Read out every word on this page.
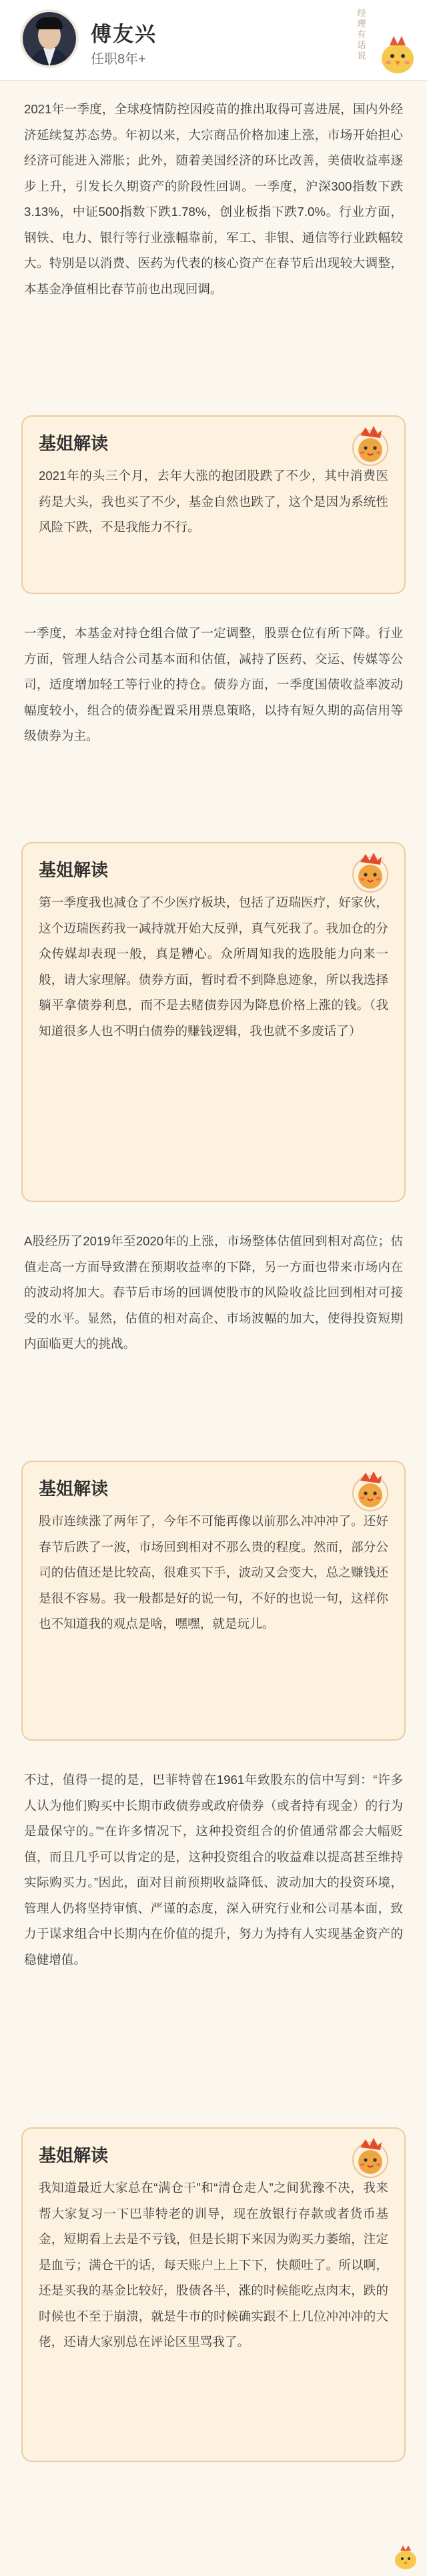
傅友兴
任职8年+
经理有话说

2021年一季度，全球疫情防控因疫苗的推出取得可喜进展，国内外经济延续复苏态势。年初以来，大宗商品价格加速上涨，市场开始担心经济可能进入滞胀；此外，随着美国经济的环比改善，美债收益率逐步上升，引发长久期资产的阶段性回调。一季度，沪深300指数下跌3.13%，中证500指数下跌1.78%，创业板指下跌7.0%。行业方面，钢铁、电力、银行等行业涨幅靠前，军工、非银、通信等行业跌幅较大。特别是以消费、医药为代表的核心资产在春节后出现较大调整，本基金净值相比春节前也出现回调。

基姐解读
2021年的头三个月，去年大涨的抱团股跌了不少，其中消费医药是大头，我也买了不少，基金自然也跌了，这个是因为系统性风险下跌，不是我能力不行。

一季度，本基金对持仓组合做了一定调整，股票仓位有所下降。行业方面，管理人结合公司基本面和估值，减持了医药、交运、传媒等公司，适度增加轻工等行业的持仓。债券方面，一季度国债收益率波动幅度较小，组合的债券配置采用票息策略，以持有短久期的高信用等级债券为主。

基姐解读
第一季度我也减仓了不少医疗板块，包括了迈瑞医疗，好家伙，这个迈瑞医药我一减持就开始大反弹，真气死我了。我加仓的分众传媒却表现一般，真是糟心。众所周知我的选股能力向来一般，请大家理解。债券方面，暂时看不到降息迹象，所以我选择躺平拿债券利息，而不是去赌债券因为降息价格上涨的钱。（我知道很多人也不明白债券的赚钱逻辑，我也就不多废话了）

A股经历了2019年至2020年的上涨，市场整体估值回到相对高位；估值走高一方面导致潜在预期收益率的下降，另一方面也带来市场内在的波动将加大。春节后市场的回调使股市的风险收益比回到相对可接受的水平。显然，估值的相对高企、市场波幅的加大，使得投资短期内面临更大的挑战。

基姐解读
股市连续涨了两年了，今年不可能再像以前那么冲冲冲了。还好春节后跌了一波，市场回到相对不那么贵的程度。然而，部分公司的估值还是比较高，很难买下手，波动又会变大，总之赚钱还是很不容易。我一般都是好的说一句，不好的也说一句，这样你也不知道我的观点是啥，嘿嘿，就是玩儿。

不过，值得一提的是，巴菲特曾在1961年致股东的信中写到：“许多人认为他们购买中长期市政债券或政府债券（或者持有现金）的行为是最保守的。”“在许多情况下，这种投资组合的价值通常都会大幅贬值，而且几乎可以肯定的是，这种投资组合的收益难以提高甚至维持实际购买力。”因此，面对目前预期收益降低、波动加大的投资环境，管理人仍将坚持审慎、严谨的态度，深入研究行业和公司基本面，致力于谋求组合中长期内在价值的提升，努力为持有人实现基金资产的稳健增值。

基姐解读
我知道最近大家总在“满仓干”和“清仓走人”之间犹豫不决，我来帮大家复习一下巴菲特老的训导，现在放银行存款或者货币基金，短期看上去是不亏钱，但是长期下来因为购买力萎缩，注定是血亏；满仓干的话，每天账户上上下下，快颠吐了。所以啊，还是买我的基金比较好，股债各半，涨的时候能吃点肉末，跌的时候也不至于崩溃，就是牛市的时候确实跟不上几位冲冲冲的大佬，还请大家别总在评论区里骂我了。
